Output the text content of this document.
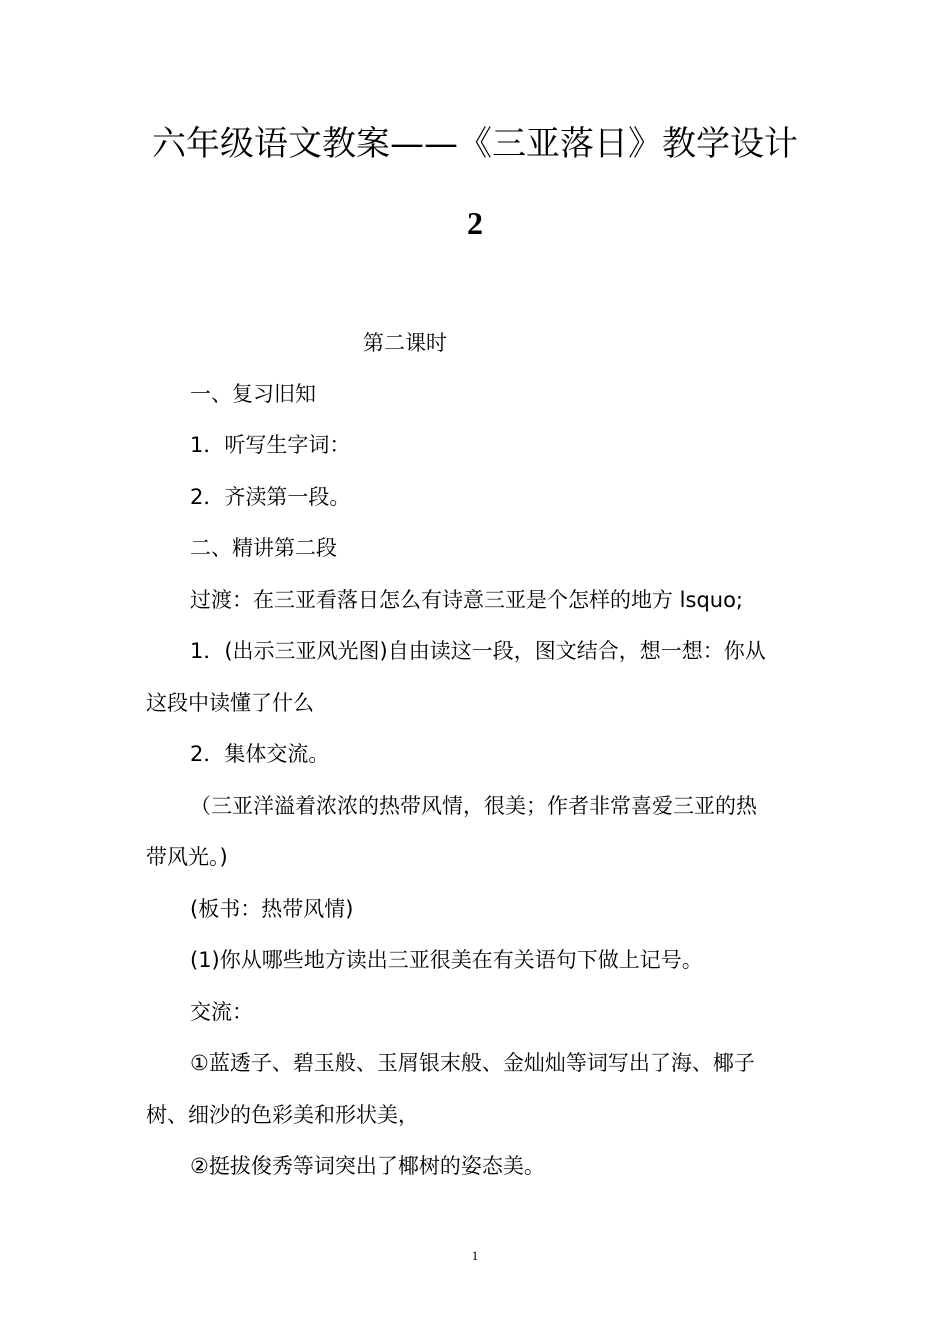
六年级语文教案——《三亚落日》教学设计
2
第二课时

一、复习旧知

1．听写生字词：

2．齐渎第一段。

二、精讲第二段

过渡：在三亚看落日怎么有诗意三亚是个怎样的地方 lsquo;

1．(出示三亚风光图)自由读这一段，图文结合，想一想：你从

这段中读懂了什么

2．集体交流。

（三亚洋溢着浓浓的热带风情，很美；作者非常喜爱三亚的热

带风光。)

(板书：热带风情)

(1)你从哪些地方读出三亚很美在有关语句下做上记号。

交流：

①蓝透子、碧玉般、玉屑银末般、金灿灿等词写出了海、椰子

树、细沙的色彩美和形状美，

②挺拔俊秀等词突出了椰树的姿态美。

1
